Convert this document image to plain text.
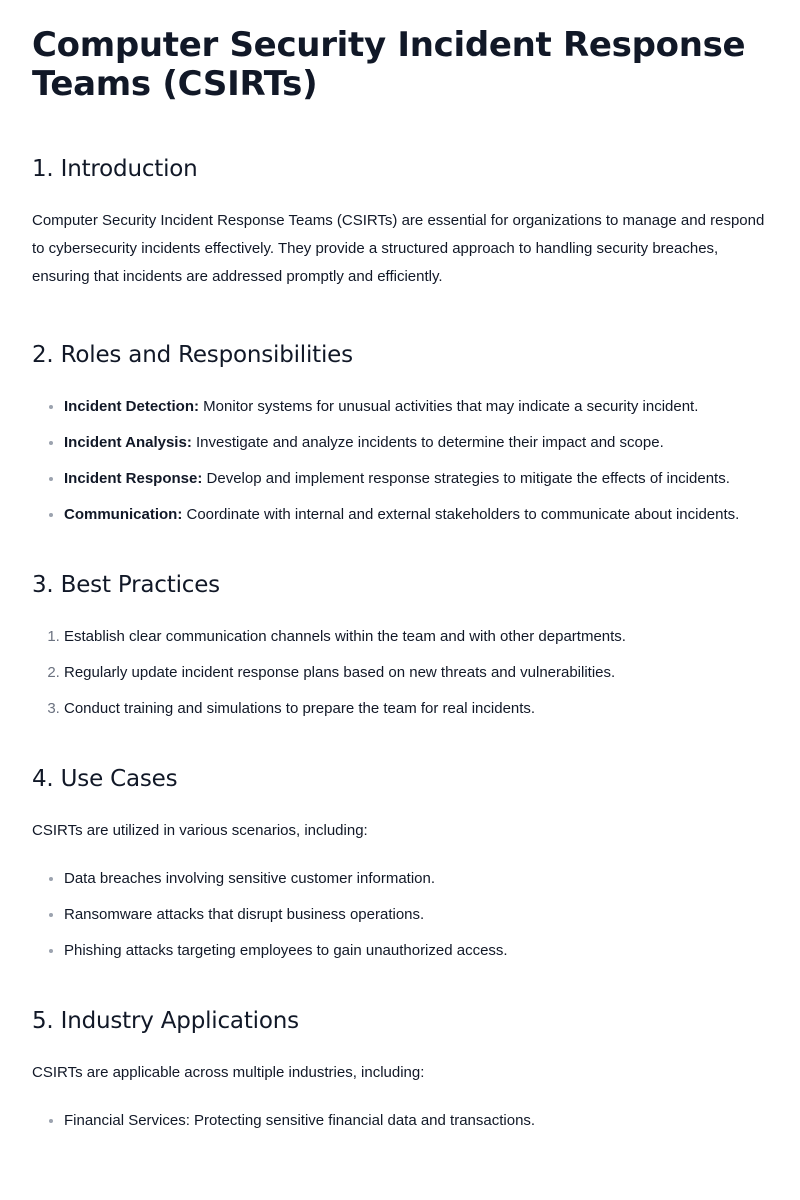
Computer Security Incident Response Teams (CSIRTs)
1. Introduction

Computer Security Incident Response Teams (CSIRTs) are essential for organizations to manage and respond to cybersecurity incidents effectively. They provide a structured approach to handling security breaches, ensuring that incidents are addressed promptly and efficiently.

2. Roles and Responsibilities
• Incident Detection: Monitor systems for unusual activities that may indicate a security incident.
• Incident Analysis: Investigate and analyze incidents to determine their impact and scope.
• Incident Response: Develop and implement response strategies to mitigate the effects of incidents.
• Communication: Coordinate with internal and external stakeholders to communicate about incidents.
3. Best Practices
1. Establish clear communication channels within the team and with other departments.
2. Regularly update incident response plans based on new threats and vulnerabilities.
3. Conduct training and simulations to prepare the team for real incidents.
4. Use Cases

CSIRTs are utilized in various scenarios, including:

• Data breaches involving sensitive customer information.
• Ransomware attacks that disrupt business operations.
• Phishing attacks targeting employees to gain unauthorized access.
5. Industry Applications

CSIRTs are applicable across multiple industries, including:

• Financial Services: Protecting sensitive financial data and transactions.
